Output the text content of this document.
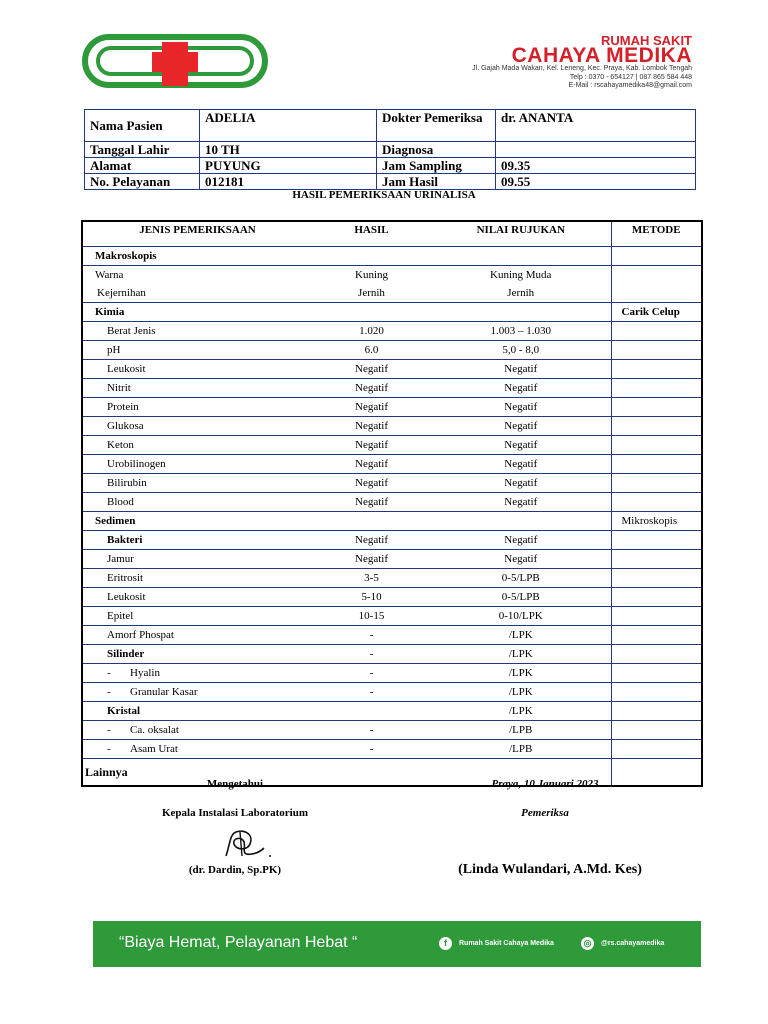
RUMAH SAKIT
CAHAYA MEDIKA
Jl. Gajah Mada Wakan, Kel. Leneng, Kec. Praya, Kab. Lombok Tengah
Telp : 0370 - 654127 | 087 865 584 448
E-Mail : rscahayamedika48@gmail.com
Nama Pasien	ADELIA	Dokter Pemeriksa	dr. ANANTA
Tanggal Lahir	10 TH	Diagnosa	
Alamat	PUYUNG	Jam Sampling	09.35
No. Pelayanan	012181	Jam Hasil	09.55
HASIL PEMERIKSAAN URINALISA
JENIS PEMERIKSAAN	HASIL	NILAI RUJUKAN	METODE
Makroskopis			
Warna	Kuning	Kuning Muda	
Kejernihan	Jernih	Jernih	
Kimia			Carik Celup
Berat Jenis	1.020	1.003 – 1.030	
pH	6.0	5,0 - 8,0	
Leukosit	Negatif	Negatif	
Nitrit	Negatif	Negatif	
Protein	Negatif	Negatif	
Glukosa	Negatif	Negatif	
Keton	Negatif	Negatif	
Urobilinogen	Negatif	Negatif	
Bilirubin	Negatif	Negatif	
Blood	Negatif	Negatif	
Sedimen			Mikroskopis
Bakteri	Negatif	Negatif	
Jamur	Negatif	Negatif	
Eritrosit	3-5	0-5/LPB	
Leukosit	5-10	0-5/LPB	
Epitel	10-15	0-10/LPK	
Amorf Phospat	-	/LPK	
Silinder	-	/LPK	
- Hyalin	-	/LPK	
- Granular Kasar	-	/LPK	
Kristal		/LPK	
- Ca. oksalat	-	/LPB	
- Asam Urat	-	/LPB	
Lainnya			
Mengetahui
Kepala Instalasi Laboratorium
(dr. Dardin, Sp.PK)
Praya, 10 Januari 2023
Pemeriksa
(Linda Wulandari, A.Md. Kes)
“Biaya Hemat, Pelayanan Hebat “	f	Rumah Sakit Cahaya Medika	◎	@rs.cahayamedika
